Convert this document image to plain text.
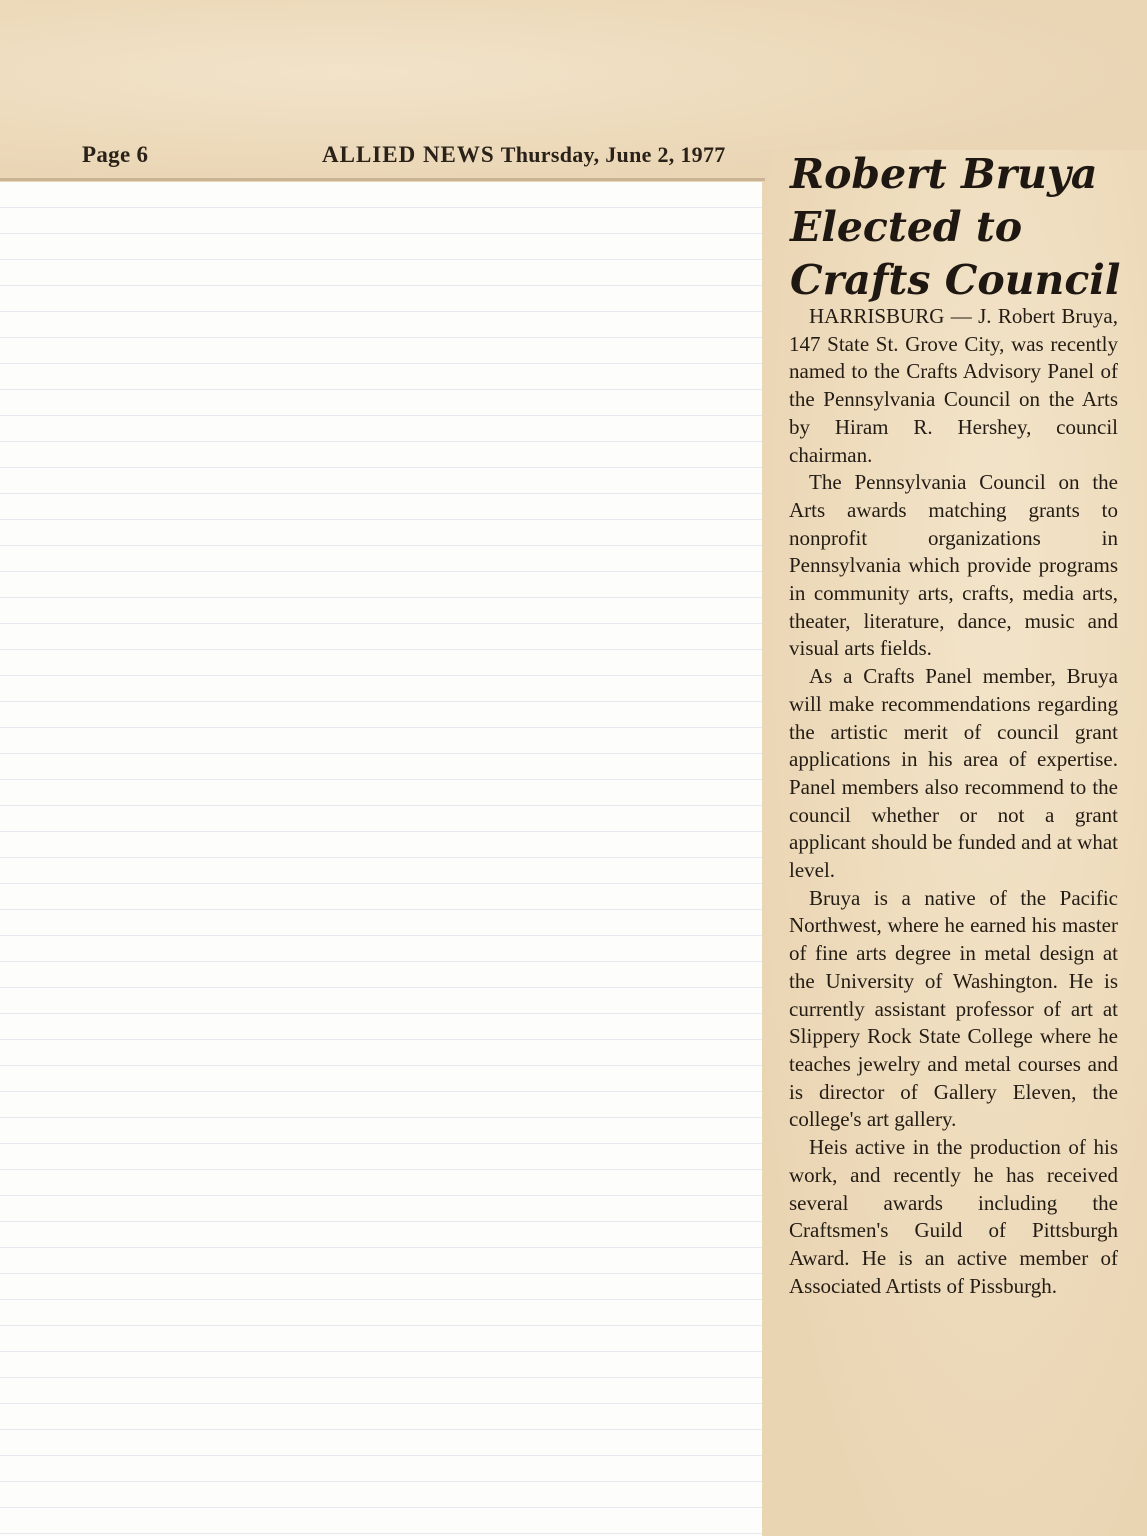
Page 6	ALLIED NEWS Thursday, June 2, 1977 Robert Bruya
Elected to
Crafts Council

HARRISBURG — J. Robert Bruya, 147 State St. Grove City, was recently named to the Crafts Advisory Panel of the Pennsylvania Council on the Arts by Hiram R. Hershey, council chairman.

The Pennsylvania Council on the Arts awards matching grants to nonprofit organizations in Pennsylvania which provide programs in community arts, crafts, media arts, theater, literature, dance, music and visual arts fields.

As a Crafts Panel member, Bruya will make recommendations regarding the artistic merit of council grant applications in his area of expertise. Panel members also recommend to the council whether or not a grant applicant should be funded and at what level.

Bruya is a native of the Pacific Northwest, where he earned his master of fine arts degree in metal design at the University of Washington. He is currently assistant professor of art at Slippery Rock State College where he teaches jewelry and metal courses and is director of Gallery Eleven, the college's art gallery.

Heis active in the production of his work, and recently he has received several awards including the Craftsmen's Guild of Pittsburgh Award. He is an active member of Associated Artists of Pissburgh.
